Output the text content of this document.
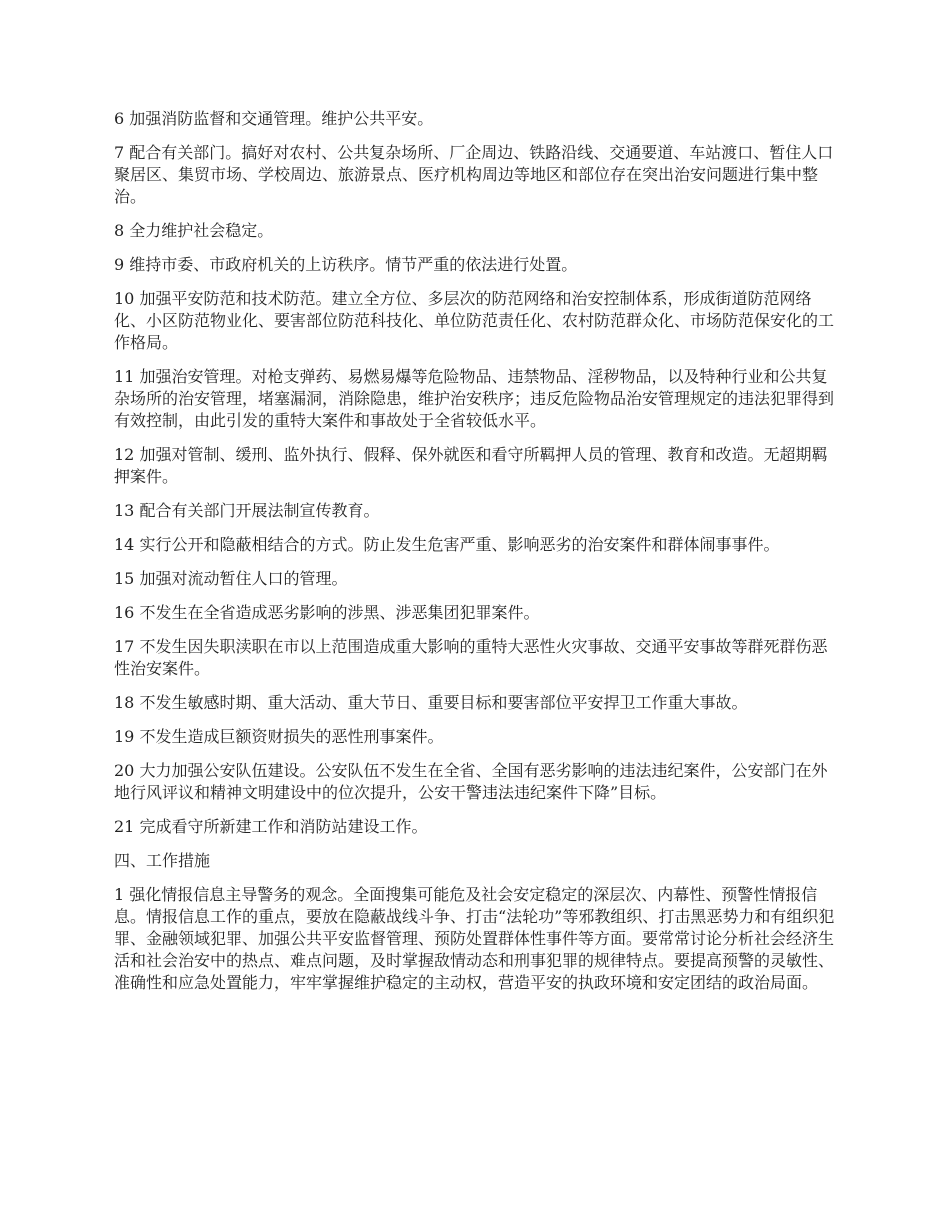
6 加强消防监督和交通管理。维护公共平安。

7 配合有关部门。搞好对农村、公共复杂场所、厂企周边、铁路沿线、交通要道、车站渡口、暂住人口聚居区、集贸市场、学校周边、旅游景点、医疗机构周边等地区和部位存在突出治安问题进行集中整治。

8 全力维护社会稳定。

9 维持市委、市政府机关的上访秩序。情节严重的依法进行处置。

10 加强平安防范和技术防范。建立全方位、多层次的防范网络和治安控制体系，形成街道防范网络化、小区防范物业化、要害部位防范科技化、单位防范责任化、农村防范群众化、市场防范保安化的工作格局。

11 加强治安管理。对枪支弹药、易燃易爆等危险物品、违禁物品、淫秽物品，以及特种行业和公共复杂场所的治安管理，堵塞漏洞，消除隐患，维护治安秩序；违反危险物品治安管理规定的违法犯罪得到有效控制，由此引发的重特大案件和事故处于全省较低水平。

12 加强对管制、缓刑、监外执行、假释、保外就医和看守所羁押人员的管理、教育和改造。无超期羁押案件。

13 配合有关部门开展法制宣传教育。

14 实行公开和隐蔽相结合的方式。防止发生危害严重、影响恶劣的治安案件和群体闹事事件。

15 加强对流动暂住人口的管理。

16 不发生在全省造成恶劣影响的涉黑、涉恶集团犯罪案件。

17 不发生因失职渎职在市以上范围造成重大影响的重特大恶性火灾事故、交通平安事故等群死群伤恶性治安案件。

18 不发生敏感时期、重大活动、重大节日、重要目标和要害部位平安捍卫工作重大事故。

19 不发生造成巨额资财损失的恶性刑事案件。

20 大力加强公安队伍建设。公安队伍不发生在全省、全国有恶劣影响的违法违纪案件，公安部门在外地行风评议和精神文明建设中的位次提升，公安干警违法违纪案件下降”目标。

21 完成看守所新建工作和消防站建设工作。

四、工作措施

1 强化情报信息主导警务的观念。全面搜集可能危及社会安定稳定的深层次、内幕性、预警性情报信息。情报信息工作的重点，要放在隐蔽战线斗争、打击“法轮功”等邪教组织、打击黑恶势力和有组织犯罪、金融领域犯罪、加强公共平安监督管理、预防处置群体性事件等方面。要常常讨论分析社会经济生活和社会治安中的热点、难点问题，及时掌握敌情动态和刑事犯罪的规律特点。要提高预警的灵敏性、准确性和应急处置能力，牢牢掌握维护稳定的主动权，营造平安的执政环境和安定团结的政治局面。
